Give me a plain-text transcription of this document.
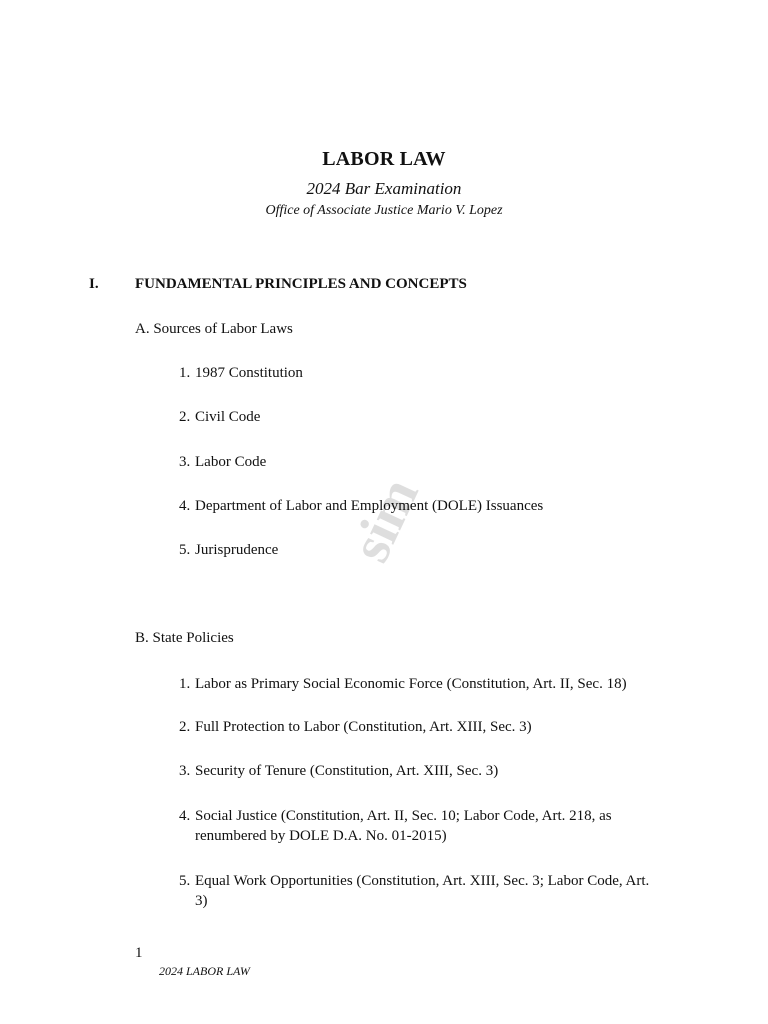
LABOR LAW
2024 Bar Examination
Office of Associate Justice Mario V. Lopez
I. FUNDAMENTAL PRINCIPLES AND CONCEPTS
A. Sources of Labor Laws
1. 1987 Constitution
2. Civil Code
3. Labor Code
4. Department of Labor and Employment (DOLE) Issuances
5. Jurisprudence
B. State Policies
1. Labor as Primary Social Economic Force (Constitution, Art. II, Sec. 18)
2. Full Protection to Labor (Constitution, Art. XIII, Sec. 3)
3. Security of Tenure (Constitution, Art. XIII, Sec. 3)
4. Social Justice (Constitution, Art. II, Sec. 10; Labor Code, Art. 218, as renumbered by DOLE D.A. No. 01-2015)
5. Equal Work Opportunities (Constitution, Art. XIII, Sec. 3; Labor Code, Art. 3)
sim
1
2024 LABOR LAW
